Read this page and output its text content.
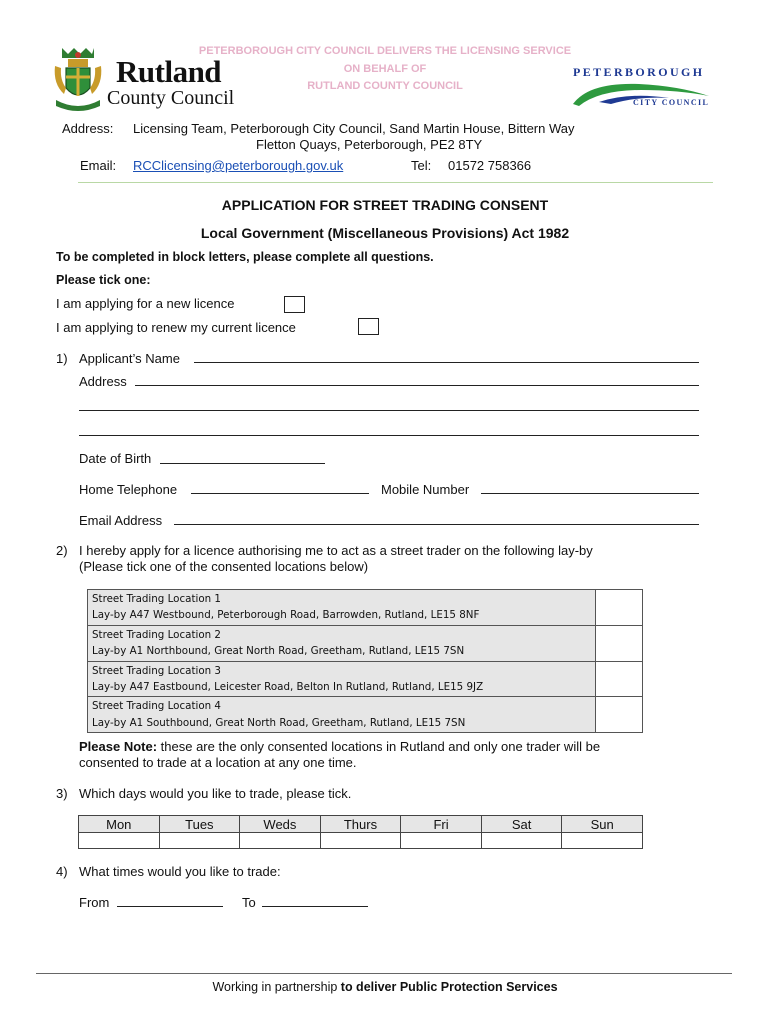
Rutland
County Council
PETERBOROUGH CITY COUNCIL DELIVERS THE LICENSING SERVICE
ON BEHALF OF
RUTLAND COUNTY COUNCIL
PETERBOROUGH
CITY COUNCIL
Address: Licensing Team, Peterborough City Council, Sand Martin House, Bittern Way
Fletton Quays, Peterborough, PE2 8TY
Email: RCClicensing@peterborough.gov.uk	Tel: 01572 758366
APPLICATION FOR STREET TRADING CONSENT
Local Government (Miscellaneous Provisions) Act 1982
To be completed in block letters, please complete all questions.
Please tick one:
I am applying for a new licence
I am applying to renew my current licence
1) Applicant’s Name
Address
Date of Birth
Home Telephone	Mobile Number
Email Address
2) I hereby apply for a licence authorising me to act as a street trader on the following lay-by
(Please tick one of the consented locations below)
Street Trading Location 1
Lay-by A47 Westbound, Peterborough Road, Barrowden, Rutland, LE15 8NF	

Street Trading Location 2
Lay-by A1 Northbound, Great North Road, Greetham, Rutland, LE15 7SN	

Street Trading Location 3
Lay-by A47 Eastbound, Leicester Road, Belton In Rutland, Rutland, LE15 9JZ	

Street Trading Location 4
Lay-by A1 Southbound, Great North Road, Greetham, Rutland, LE15 7SN	

Please Note: these are the only consented locations in Rutland and only one trader will be
consented to trade at a location at any one time.
3) Which days would you like to trade, please tick.
Mon	Tues	Weds	Thurs	Fri	Sat	Sun

4) What times would you like to trade:
From	To
Working in partnership to deliver Public Protection Services
